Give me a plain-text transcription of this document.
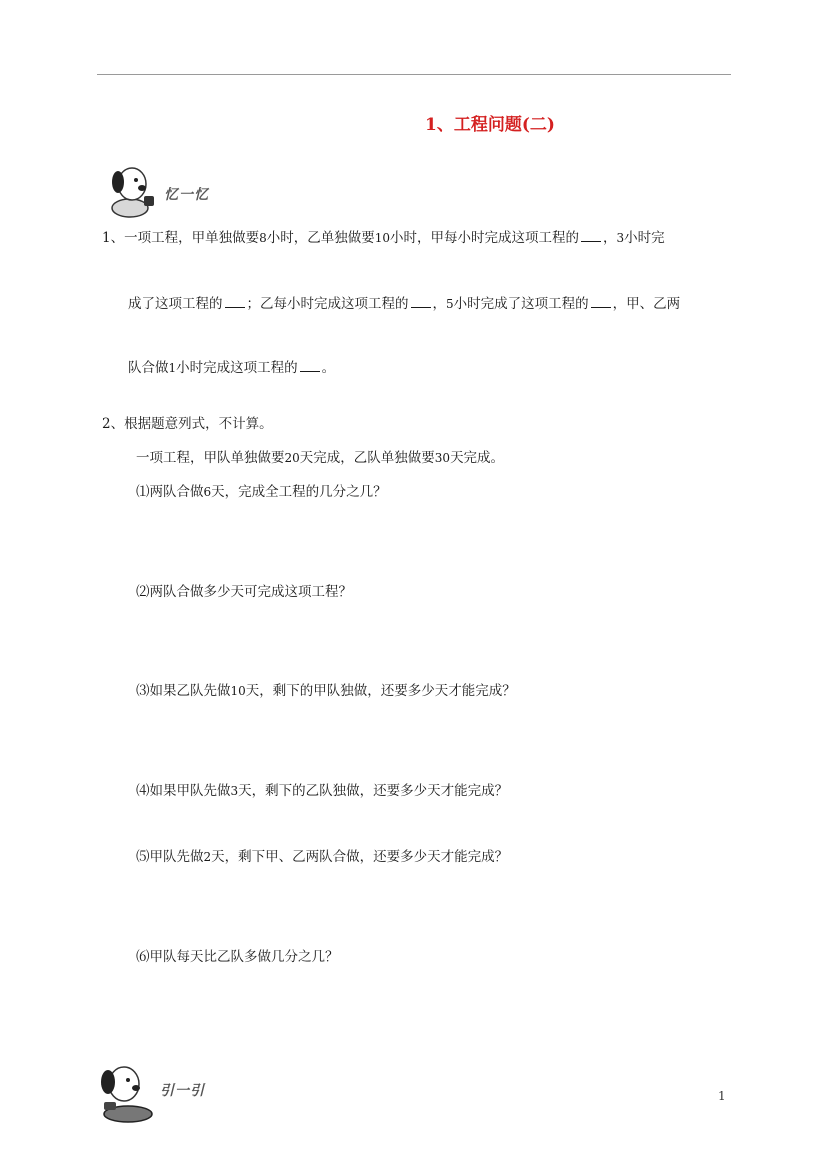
1、工程问题(二)
忆一忆
1、一项工程，甲单独做要8小时，乙单独做要10小时，甲每小时完成这项工程的 ，3小时完
成了这项工程的 ；乙每小时完成这项工程的 ，5小时完成了这项工程的 ，甲、乙两
队合做1小时完成这项工程的 。
2、根据题意列式，不计算。
一项工程，甲队单独做要20天完成，乙队单独做要30天完成。
⑴两队合做6天，完成全工程的几分之几？
⑵两队合做多少天可完成这项工程？
⑶如果乙队先做10天，剩下的甲队独做，还要多少天才能完成？
⑷如果甲队先做3天，剩下的乙队独做，还要多少天才能完成？
⑸甲队先做2天，剩下甲、乙两队合做，还要多少天才能完成？
⑹甲队每天比乙队多做几分之几？
引一引	1
